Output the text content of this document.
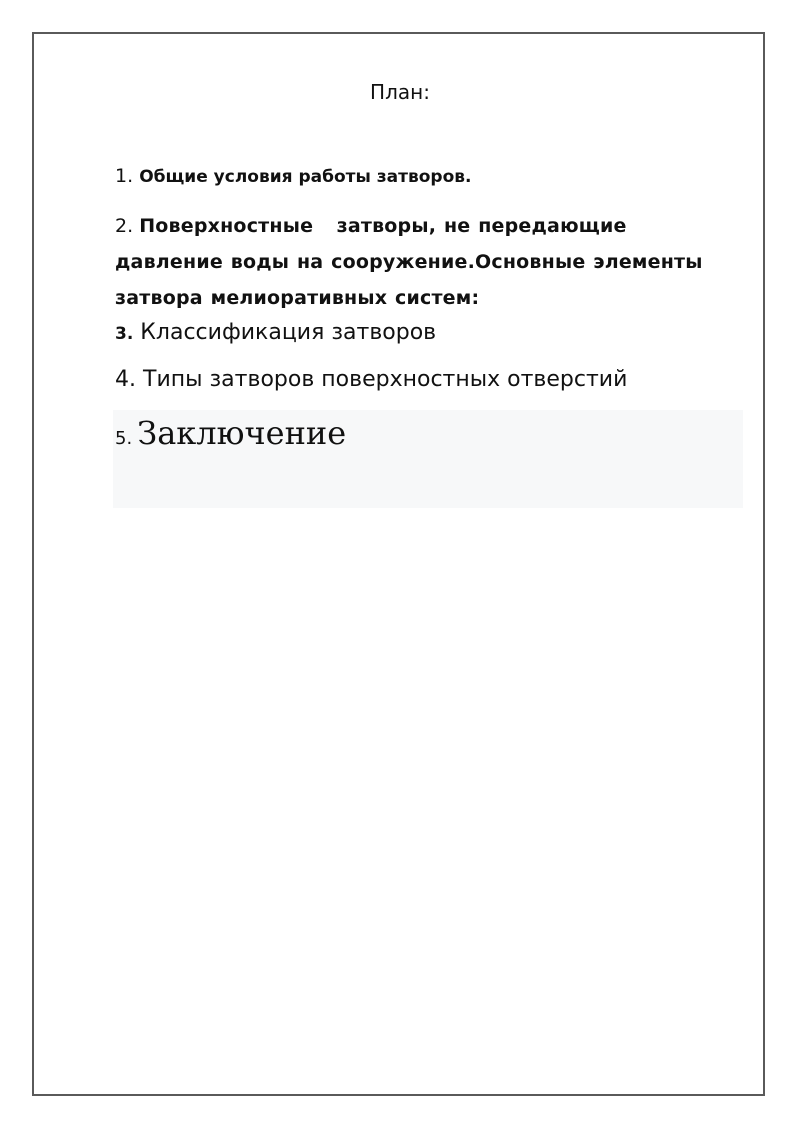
План:
1. Общие условия работы затворов.
2. Поверхностные   затворы, не передающие давление воды на сооружение.Основные элементы затвора мелиоративных систем:
3. Классификация затворов
4. Типы затворов поверхностных отверстий
5. Заключение
